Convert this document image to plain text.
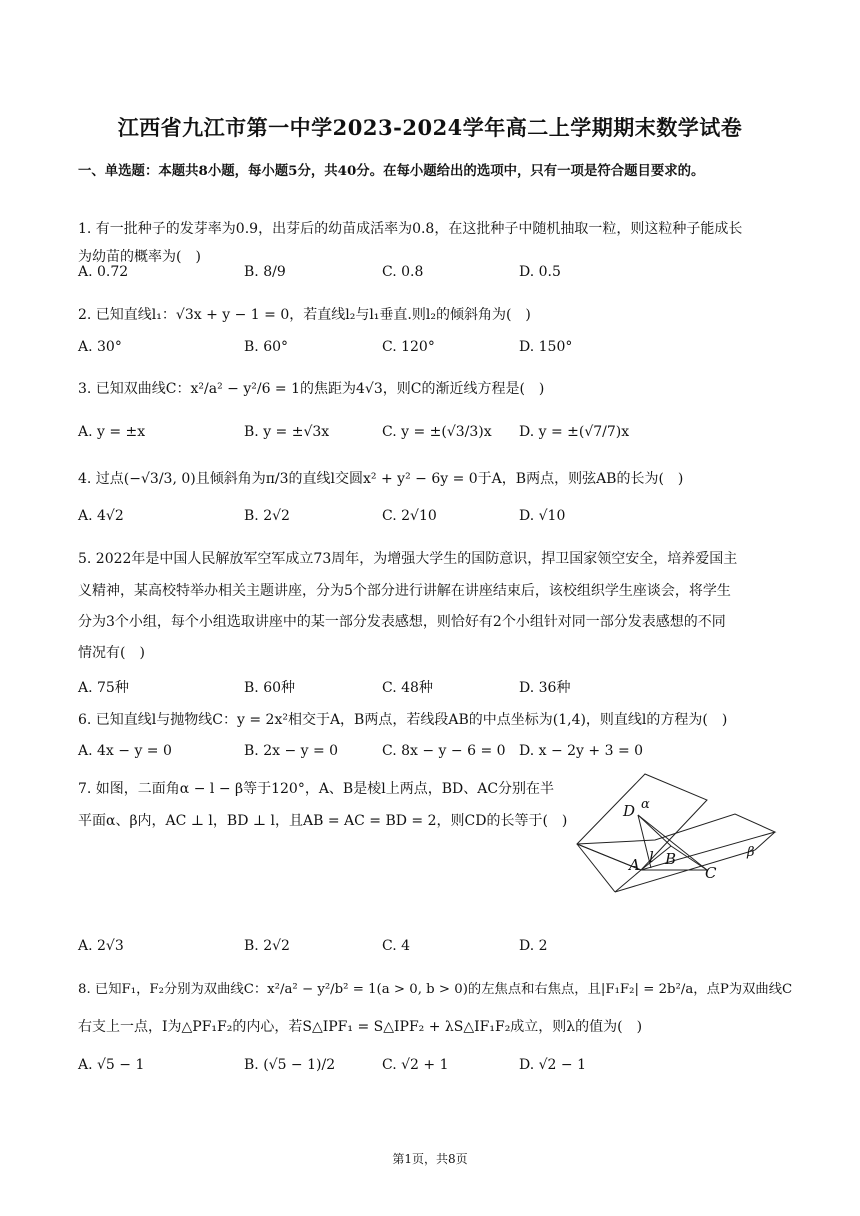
江西省九江市第一中学2023-2024学年高二上学期期末数学试卷
一、单选题：本题共8小题，每小题5分，共40分。在每小题给出的选项中，只有一项是符合题目要求的。
1. 有一批种子的发芽率为0.9，出芽后的幼苗成活率为0.8，在这批种子中随机抽取一粒，则这粒种子能成长
为幼苗的概率为(　)
A. 0.72	B. 8/9	C. 0.8	D. 0.5
2. 已知直线l₁：√3x + y − 1 = 0，若直线l₂与l₁垂直.则l₂的倾斜角为(　)
A. 30°	B. 60°	C. 120°	D. 150°
3. 已知双曲线C：x²/a² − y²/6 = 1的焦距为4√3，则C的渐近线方程是(　)
A. y = ±x	B. y = ±√3x	C. y = ±(√3/3)x D. y = ±(√7/7)x
4. 过点(−√3/3, 0)且倾斜角为π/3的直线l交圆x² + y² − 6y = 0于A，B两点，则弦AB的长为(　)
A. 4√2	B. 2√2	C. 2√10	D. √10
5. 2022年是中国人民解放军空军成立73周年，为增强大学生的国防意识，捍卫国家领空安全，培养爱国主
义精神，某高校特举办相关主题讲座，分为5个部分进行讲解在讲座结束后，该校组织学生座谈会，将学生
分为3个小组，每个小组选取讲座中的某一部分发表感想，则恰好有2个小组针对同一部分发表感想的不同
情况有(　)
A. 75种	B. 60种	C. 48种	D. 36种
6. 已知直线l与抛物线C：y = 2x²相交于A，B两点，若线段AB的中点坐标为(1,4)，则直线l的方程为(　)
A. 4x − y = 0	B. 2x − y = 0	C. 8x − y − 6 = 0 D. x − 2y + 3 = 0
7. 如图，二面角α − l − β等于120°，A、B是棱l上两点，BD、AC分别在半
平面α、β内，AC ⊥ l，BD ⊥ l，且AB = AC = BD = 2，则CD的长等于(　)
α
β
D
A l B
C
A. 2√3	B. 2√2	C. 4	D. 2
8. 已知F₁，F₂分别为双曲线C：x²/a² − y²/b² = 1(a > 0, b > 0)的左焦点和右焦点，且|F₁F₂| = 2b²/a，点P为双曲线C
右支上一点，I为△PF₁F₂的内心，若S△IPF₁ = S△IPF₂ + λS△IF₁F₂成立，则λ的值为(　)
A. √5 − 1	B. (√5 − 1)/2	C. √2 + 1	D. √2 − 1
第1页，共8页
